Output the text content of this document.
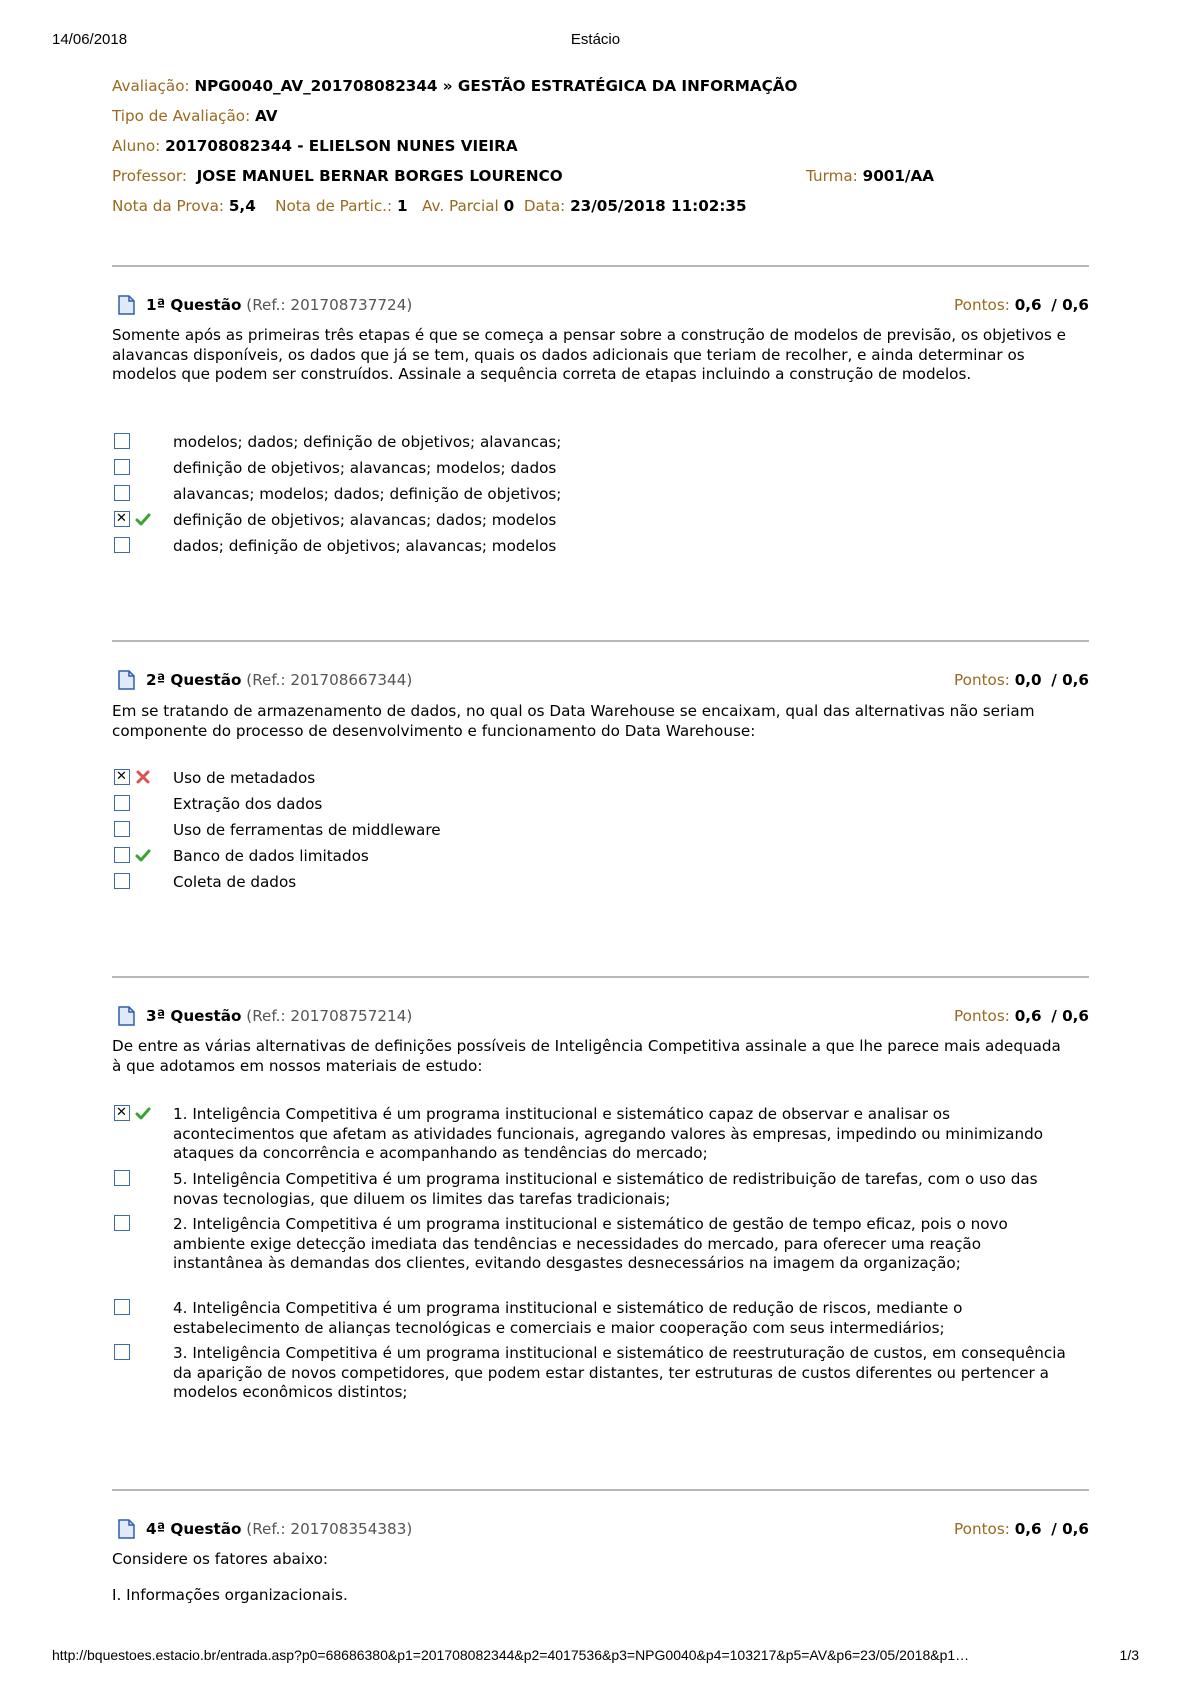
14/06/2018	Estácio
Avaliação: NPG0040_AV_201708082344 » GESTÃO ESTRATÉGICA DA INFORMAÇÃO
Tipo de Avaliação: AV
Aluno: 201708082344 - ELIELSON NUNES VIEIRA
Professor: JOSE MANUEL BERNAR BORGES LOURENCO	Turma: 9001/AA
Nota da Prova: 5,4 Nota de Partic.: 1 Av. Parcial 0 Data: 23/05/2018 11:02:35
1ª Questão (Ref.: 201708737724)	Pontos: 0,6 / 0,6
Somente após as primeiras três etapas é que se começa a pensar sobre a construção de modelos de previsão, os objetivos e alavancas disponíveis, os dados que já se tem, quais os dados adicionais que teriam de recolher, e ainda determinar os modelos que podem ser construídos. Assinale a sequência correta de etapas incluindo a construção de modelos.
modelos; dados; definição de objetivos; alavancas;
definição de objetivos; alavancas; modelos; dados
alavancas; modelos; dados; definição de objetivos;
✕
definição de objetivos; alavancas; dados; modelos
dados; definição de objetivos; alavancas; modelos
2ª Questão (Ref.: 201708667344)	Pontos: 0,0 / 0,6
Em se tratando de armazenamento de dados, no qual os Data Warehouse se encaixam, qual das alternativas não seriam componente do processo de desenvolvimento e funcionamento do Data Warehouse:
✕
Uso de metadados
Extração dos dados
Uso de ferramentas de middleware
Banco de dados limitados
Coleta de dados
3ª Questão (Ref.: 201708757214)	Pontos: 0,6 / 0,6
De entre as várias alternativas de definições possíveis de Inteligência Competitiva assinale a que lhe parece mais adequada à que adotamos em nossos materiais de estudo:
✕
1. Inteligência Competitiva é um programa institucional e sistemático capaz de observar e analisar os acontecimentos que afetam as atividades funcionais, agregando valores às empresas, impedindo ou minimizando ataques da concorrência e acompanhando as tendências do mercado;
5. Inteligência Competitiva é um programa institucional e sistemático de redistribuição de tarefas, com o uso das novas tecnologias, que diluem os limites das tarefas tradicionais;
2. Inteligência Competitiva é um programa institucional e sistemático de gestão de tempo eficaz, pois o novo ambiente exige detecção imediata das tendências e necessidades do mercado, para oferecer uma reação instantânea às demandas dos clientes, evitando desgastes desnecessários na imagem da organização;
4. Inteligência Competitiva é um programa institucional e sistemático de redução de riscos, mediante o estabelecimento de alianças tecnológicas e comerciais e maior cooperação com seus intermediários;
3. Inteligência Competitiva é um programa institucional e sistemático de reestruturação de custos, em consequência da aparição de novos competidores, que podem estar distantes, ter estruturas de custos diferentes ou pertencer a modelos econômicos distintos;
4ª Questão (Ref.: 201708354383)	Pontos: 0,6 / 0,6
Considere os fatores abaixo:
I. Informações organizacionais.
http://bquestoes.estacio.br/entrada.asp?p0=68686380&p1=201708082344&p2=4017536&p3=NPG0040&p4=103217&p5=AV&p6=23/05/2018&p1…	1/3
